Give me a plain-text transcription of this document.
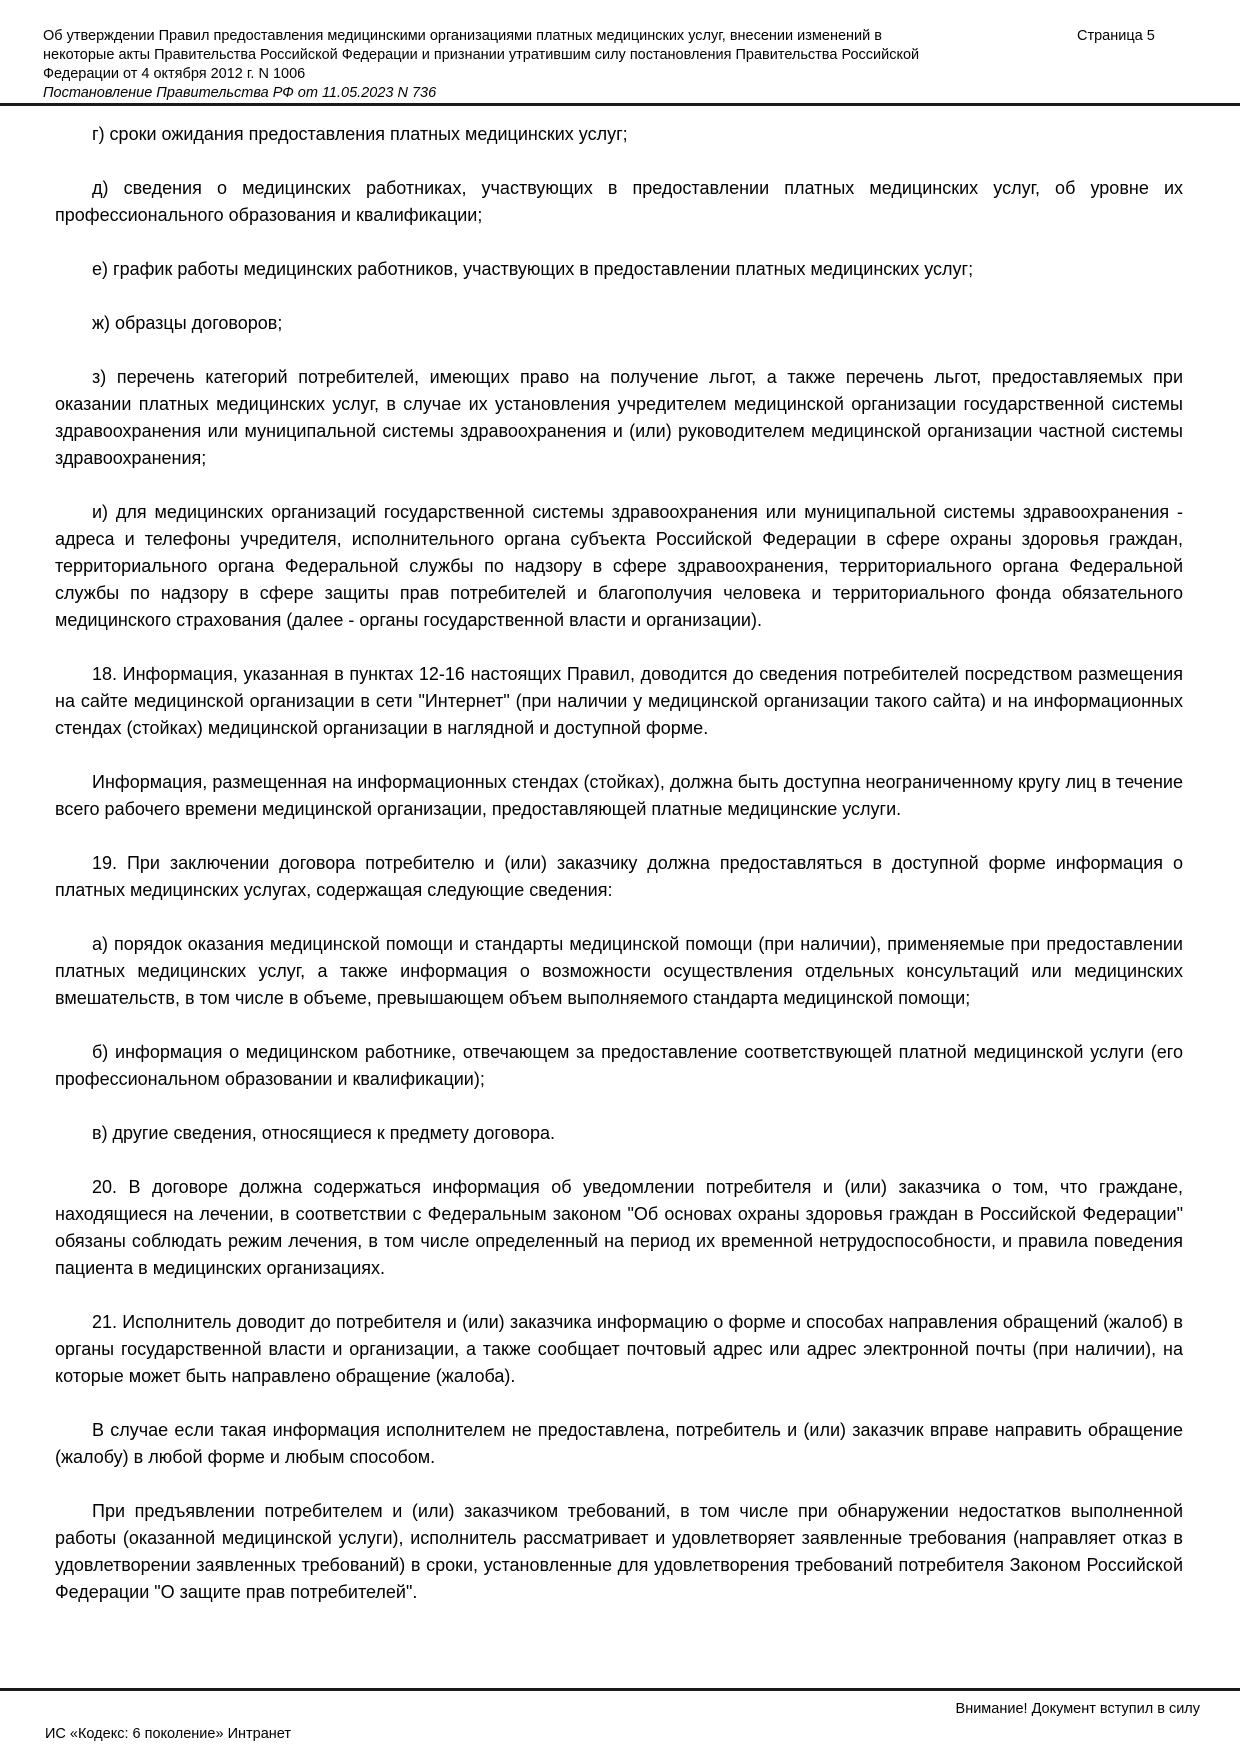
Об утверждении Правил предоставления медицинскими организациями платных медицинских услуг, внесении изменений в некоторые акты Правительства Российской Федерации и признании утратившим силу постановления Правительства Российской Федерации от 4 октября 2012 г. N 1006
Постановление Правительства РФ от 11.05.2023 N 736
Страница 5

г) сроки ожидания предоставления платных медицинских услуг;

д) сведения о медицинских работниках, участвующих в предоставлении платных медицинских услуг, об уровне их профессионального образования и квалификации;

е) график работы медицинских работников, участвующих в предоставлении платных медицинских услуг;

ж) образцы договоров;

з) перечень категорий потребителей, имеющих право на получение льгот, а также перечень льгот, предоставляемых при оказании платных медицинских услуг, в случае их установления учредителем медицинской организации государственной системы здравоохранения или муниципальной системы здравоохранения и (или) руководителем медицинской организации частной системы здравоохранения;

и) для медицинских организаций государственной системы здравоохранения или муниципальной системы здравоохранения - адреса и телефоны учредителя, исполнительного органа субъекта Российской Федерации в сфере охраны здоровья граждан, территориального органа Федеральной службы по надзору в сфере здравоохранения, территориального органа Федеральной службы по надзору в сфере защиты прав потребителей и благополучия человека и территориального фонда обязательного медицинского страхования (далее - органы государственной власти и организации).

18. Информация, указанная в пунктах 12-16 настоящих Правил, доводится до сведения потребителей посредством размещения на сайте медицинской организации в сети "Интернет" (при наличии у медицинской организации такого сайта) и на информационных стендах (стойках) медицинской организации в наглядной и доступной форме.

Информация, размещенная на информационных стендах (стойках), должна быть доступна неограниченному кругу лиц в течение всего рабочего времени медицинской организации, предоставляющей платные медицинские услуги.

19. При заключении договора потребителю и (или) заказчику должна предоставляться в доступной форме информация о платных медицинских услугах, содержащая следующие сведения:

а) порядок оказания медицинской помощи и стандарты медицинской помощи (при наличии), применяемые при предоставлении платных медицинских услуг, а также информация о возможности осуществления отдельных консультаций или медицинских вмешательств, в том числе в объеме, превышающем объем выполняемого стандарта медицинской помощи;

б) информация о медицинском работнике, отвечающем за предоставление соответствующей платной медицинской услуги (его профессиональном образовании и квалификации);

в) другие сведения, относящиеся к предмету договора.

20. В договоре должна содержаться информация об уведомлении потребителя и (или) заказчика о том, что граждане, находящиеся на лечении, в соответствии с Федеральным законом "Об основах охраны здоровья граждан в Российской Федерации" обязаны соблюдать режим лечения, в том числе определенный на период их временной нетрудоспособности, и правила поведения пациента в медицинских организациях.

21. Исполнитель доводит до потребителя и (или) заказчика информацию о форме и способах направления обращений (жалоб) в органы государственной власти и организации, а также сообщает почтовый адрес или адрес электронной почты (при наличии), на которые может быть направлено обращение (жалоба).

В случае если такая информация исполнителем не предоставлена, потребитель и (или) заказчик вправе направить обращение (жалобу) в любой форме и любым способом.

При предъявлении потребителем и (или) заказчиком требований, в том числе при обнаружении недостатков выполненной работы (оказанной медицинской услуги), исполнитель рассматривает и удовлетворяет заявленные требования (направляет отказ в удовлетворении заявленных требований) в сроки, установленные для удовлетворения требований потребителя Законом Российской Федерации "О защите прав потребителей".

Внимание! Документ вступил в силу
ИС «Кодекс: 6 поколение» Интранет
